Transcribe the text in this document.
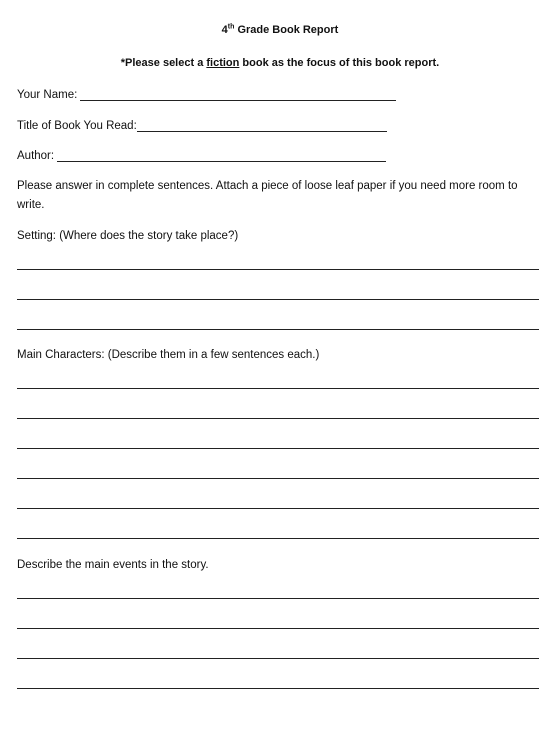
4th Grade Book Report
*Please select a fiction book as the focus of this book report.
Your Name:
Title of Book You Read:
Author:
Please answer in complete sentences. Attach a piece of loose leaf paper if you need more room to write.
Setting: (Where does the story take place?)
Main Characters: (Describe them in a few sentences each.)
Describe the main events in the story.
